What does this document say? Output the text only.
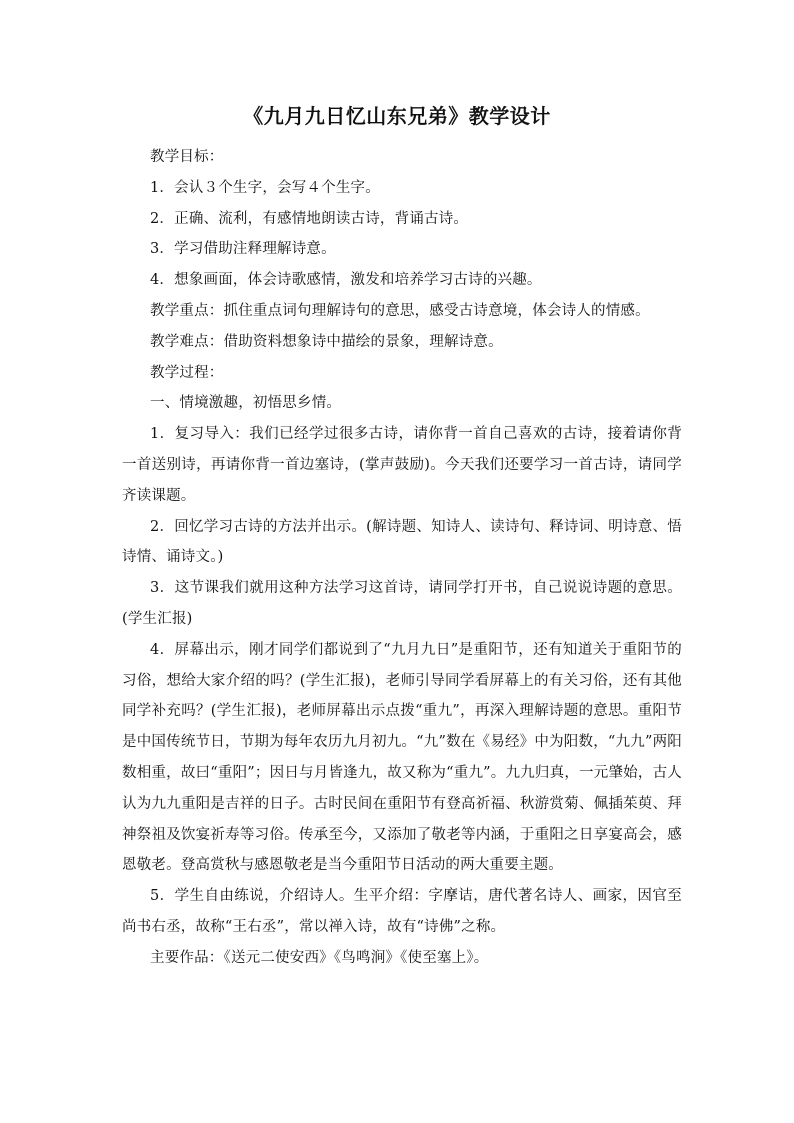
《九月九日忆山东兄弟》教学设计

教学目标：

1．会认３个生字，会写４个生字。

2．正确、流利，有感情地朗读古诗，背诵古诗。

3．学习借助注释理解诗意。

4．想象画面，体会诗歌感情，激发和培养学习古诗的兴趣。

教学重点：抓住重点词句理解诗句的意思，感受古诗意境，体会诗人的情感。

教学难点：借助资料想象诗中描绘的景象，理解诗意。

教学过程：

一、情境激趣，初悟思乡情。

1．复习导入：我们已经学过很多古诗，请你背一首自己喜欢的古诗，接着请你背一首送别诗，再请你背一首边塞诗，(掌声鼓励)。今天我们还要学习一首古诗，请同学齐读课题。

2．回忆学习古诗的方法并出示。(解诗题、知诗人、读诗句、释诗词、明诗意、悟诗情、诵诗文。)

3．这节课我们就用这种方法学习这首诗，请同学打开书，自己说说诗题的意思。(学生汇报)

4．屏幕出示，刚才同学们都说到了“九月九日”是重阳节，还有知道关于重阳节的习俗，想给大家介绍的吗？(学生汇报)，老师引导同学看屏幕上的有关习俗，还有其他同学补充吗？(学生汇报)，老师屏幕出示点拨“重九”，再深入理解诗题的意思。重阳节是中国传统节日，节期为每年农历九月初九。“九”数在《易经》中为阳数，“九九”两阳数相重，故曰“重阳”；因日与月皆逢九，故又称为“重九”。九九归真，一元肇始，古人认为九九重阳是吉祥的日子。古时民间在重阳节有登高祈福、秋游赏菊、佩插茱萸、拜神祭祖及饮宴祈寿等习俗。传承至今，又添加了敬老等内涵，于重阳之日享宴高会，感恩敬老。登高赏秋与感恩敬老是当今重阳节日活动的两大重要主题。

5．学生自由练说，介绍诗人。生平介绍：字摩诘，唐代著名诗人、画家，因官至尚书右丞，故称“王右丞”，常以禅入诗，故有“诗佛”之称。

主要作品：《送元二使安西》《鸟鸣涧》《使至塞上》。
